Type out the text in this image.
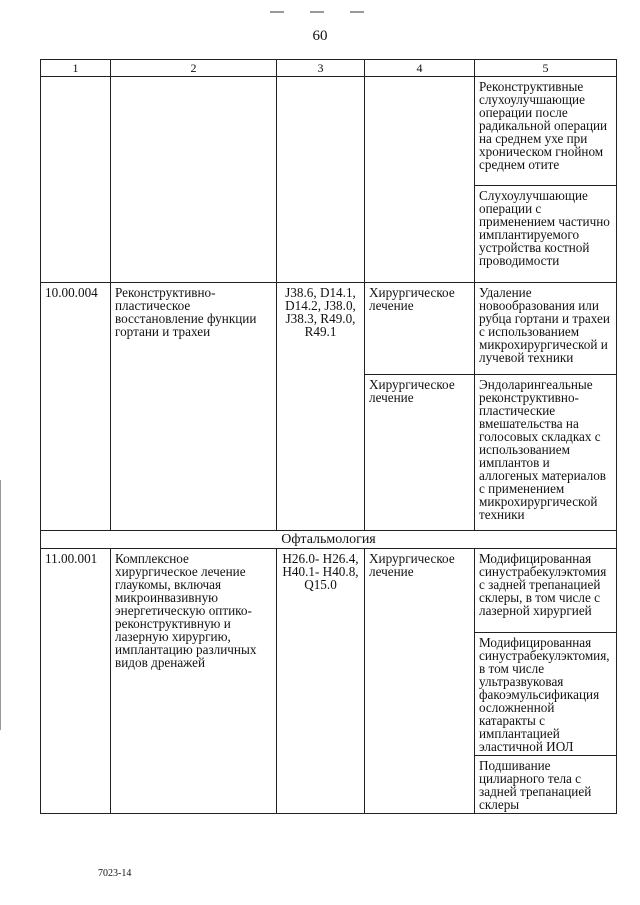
60
1	2	3	4	5
				Реконструктивные слухоулучшающие операции после радикальной операции на среднем ухе при хроническом гнойном среднем отите
				Слухоулучшающие операции с применением частично имплантируемого устройства костной проводимости
10.00.004	Реконструктивно-пластическое восстановление функции гортани и трахеи	J38.6, D14.1, D14.2, J38.0, J38.3, R49.0, R49.1	Хирургическое лечение	Удаление новообразования или рубца гортани и трахеи с использованием микрохирургической и лучевой техники
			Хирургическое лечение	Эндоларингеальные реконструктивно-пластические вмешательства на голосовых складках с использованием имплантов и аллогеных материалов с применением микрохирургической техники
Офтальмология				
11.00.001	Комплексное хирургическое лечение глаукомы, включая микроинвазивную энергетическую оптико-реконструктивную и лазерную хирургию, имплантацию различных видов дренажей	H26.0- H26.4, H40.1- H40.8, Q15.0	Хирургическое лечение	Модифицированная синустрабекулэктомия с задней трепанацией склеры, в том числе с лазерной хирургией
				Модифицированная синустрабекулэктомия, в том числе ультразвуковая факоэмульсификация осложненной катаракты с имплантацией эластичной ИОЛ
				Подшивание цилиарного тела с задней трепанацией склеры
7023-14
